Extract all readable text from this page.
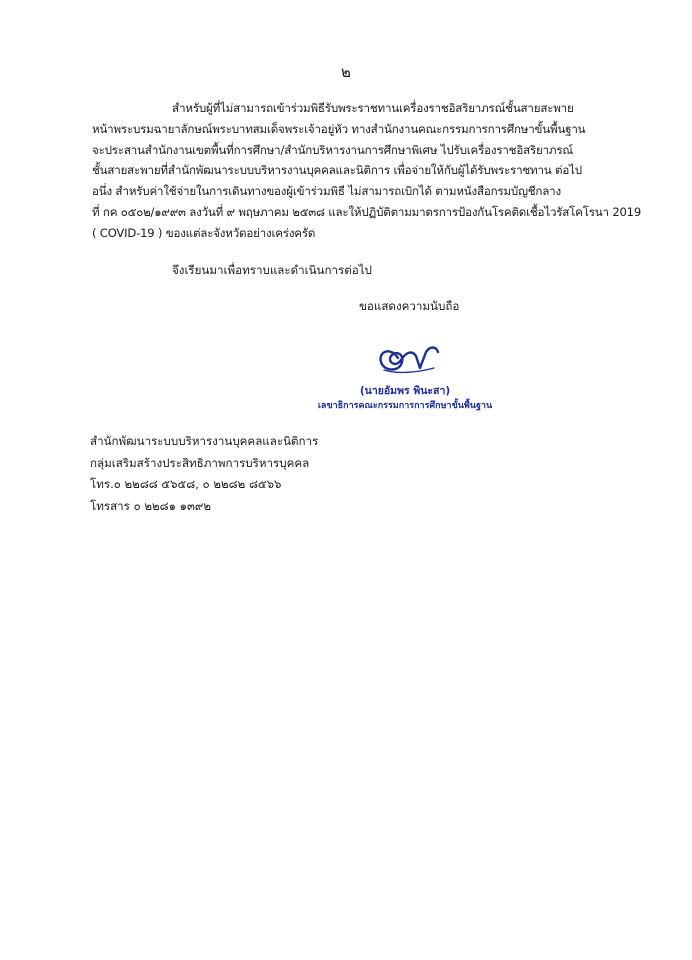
๒
สำหรับผู้ที่ไม่สามารถเข้าร่วมพิธีรับพระราชทานเครื่องราชอิสริยาภรณ์ชั้นสายสะพาย
หน้าพระบรมฉายาลักษณ์พระบาทสมเด็จพระเจ้าอยู่หัว ทางสำนักงานคณะกรรมการการศึกษาขั้นพื้นฐาน
จะประสานสำนักงานเขตพื้นที่การศึกษา/สำนักบริหารงานการศึกษาพิเศษ ไปรับเครื่องราชอิสริยาภรณ์
ชั้นสายสะพายที่สำนักพัฒนาระบบบริหารงานบุคคลและนิติการ เพื่อจ่ายให้กับผู้ได้รับพระราชทาน ต่อไป
อนึ่ง สำหรับค่าใช้จ่ายในการเดินทางของผู้เข้าร่วมพิธี ไม่สามารถเบิกได้ ตามหนังสือกรมบัญชีกลาง
ที่ กค ๐๕๐๒/๑๙๙๓ ลงวันที่ ๙ พฤษภาคม ๒๕๓๘ และให้ปฏิบัติตามมาตรการป้องกันโรคติดเชื้อไวรัสโคโรนา 2019
( COVID-19 ) ของแต่ละจังหวัดอย่างเคร่งครัด
จึงเรียนมาเพื่อทราบและดำเนินการต่อไป
ขอแสดงความนับถือ
(นายอัมพร พินะสา)
เลขาธิการคณะกรรมการการศึกษาขั้นพื้นฐาน
สำนักพัฒนาระบบบริหารงานบุคคลและนิติการ
กลุ่มเสริมสร้างประสิทธิภาพการบริหารบุคคล
โทร.๐ ๒๒๘๘ ๕๖๕๘, ๐ ๒๒๘๒ ๘๕๖๖
โทรสาร ๐ ๒๒๘๑ ๑๓๙๒
